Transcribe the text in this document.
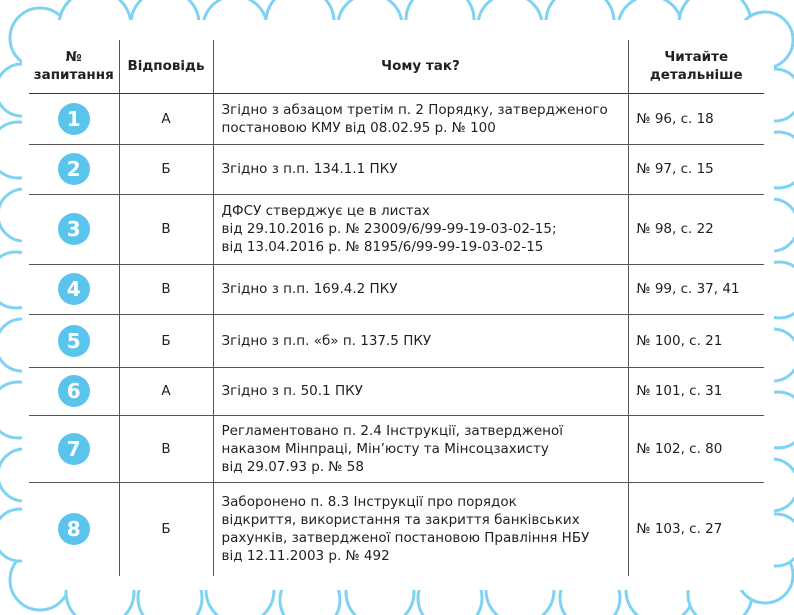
№ запитання	Відповідь	Чому так?	Читайте детальніше
1	А	Згідно з абзацом третім п. 2 Порядку, затвердженого
постановою КМУ від 08.02.95 р. № 100	№ 96, с. 18
2	Б	Згідно з п.п. 134.1.1 ПКУ	№ 97, с. 15
3	В	ДФСУ стверджує це в листах
від 29.10.2016 р. № 23009/6/99-99-19-03-02-15;
від 13.04.2016 р. № 8195/6/99-99-19-03-02-15	№ 98, с. 22
4	В	Згідно з п.п. 169.4.2 ПКУ	№ 99, с. 37, 41
5	Б	Згідно з п.п. «б» п. 137.5 ПКУ	№ 100, с. 21
6	А	Згідно з п. 50.1 ПКУ	№ 101, с. 31
7	В	Регламентовано п. 2.4 Інструкції, затвердженої
наказом Мінпраці, Мін’юсту та Мінсоцзахисту
від 29.07.93 р. № 58	№ 102, с. 80
8	Б	Заборонено п. 8.3 Інструкції про порядок
відкриття, використання та закриття банківських
рахунків, затвердженої постановою Правління НБУ
від 12.11.2003 р. № 492	№ 103, с. 27
